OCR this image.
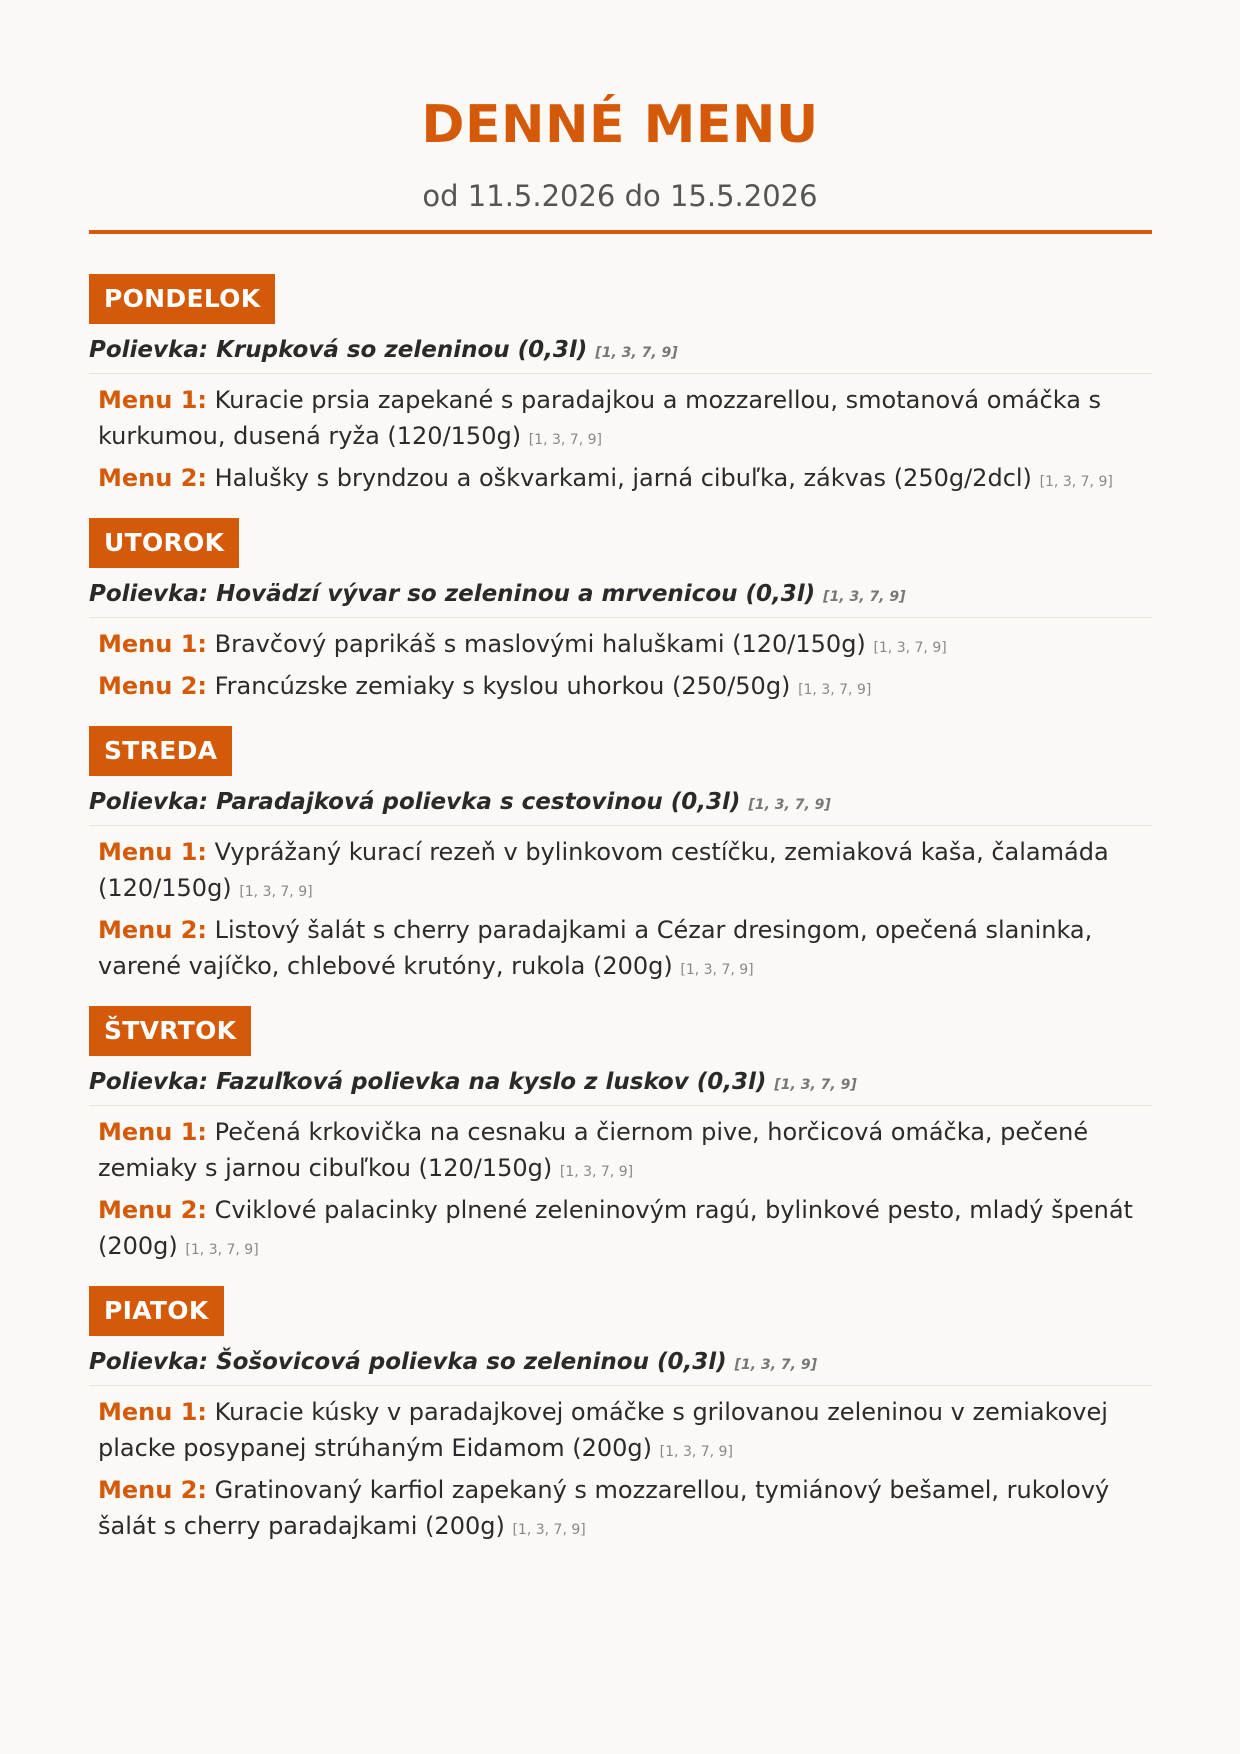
DENNÉ MENU
od 11.5.2026 do 15.5.2026
PONDELOK
Polievka: Krupková so zeleninou (0,3l) [1, 3, 7, 9]
Menu 1: Kuracie prsia zapekané s paradajkou a mozzarellou, smotanová omáčka s kurkumou, dusená ryža (120/150g) [1, 3, 7, 9]
Menu 2: Halušky s bryndzou a oškvarkami, jarná cibuľka, zákvas (250g/2dcl) [1, 3, 7, 9]
UTOROK
Polievka: Hovädzí vývar so zeleninou a mrvenicou (0,3l) [1, 3, 7, 9]
Menu 1: Bravčový paprikáš s maslovými haluškami (120/150g) [1, 3, 7, 9]
Menu 2: Francúzske zemiaky s kyslou uhorkou (250/50g) [1, 3, 7, 9]
STREDA
Polievka: Paradajková polievka s cestovinou (0,3l) [1, 3, 7, 9]
Menu 1: Vyprážaný kurací rezeň v bylinkovom cestíčku, zemiaková kaša, čalamáda (120/150g) [1, 3, 7, 9]
Menu 2: Listový šalát s cherry paradajkami a Cézar dresingom, opečená slaninka, varené vajíčko, chlebové krutóny, rukola (200g) [1, 3, 7, 9]
ŠTVRTOK
Polievka: Fazuľková polievka na kyslo z luskov (0,3l) [1, 3, 7, 9]
Menu 1: Pečená krkovička na cesnaku a čiernom pive, horčicová omáčka, pečené zemiaky s jarnou cibuľkou (120/150g) [1, 3, 7, 9]
Menu 2: Cviklové palacinky plnené zeleninovým ragú, bylinkové pesto, mladý špenát (200g) [1, 3, 7, 9]
PIATOK
Polievka: Šošovicová polievka so zeleninou (0,3l) [1, 3, 7, 9]
Menu 1: Kuracie kúsky v paradajkovej omáčke s grilovanou zeleninou v zemiakovej placke posypanej strúhaným Eidamom (200g) [1, 3, 7, 9]
Menu 2: Gratinovaný karfiol zapekaný s mozzarellou, tymiánový bešamel, rukolový šalát s cherry paradajkami (200g) [1, 3, 7, 9]
